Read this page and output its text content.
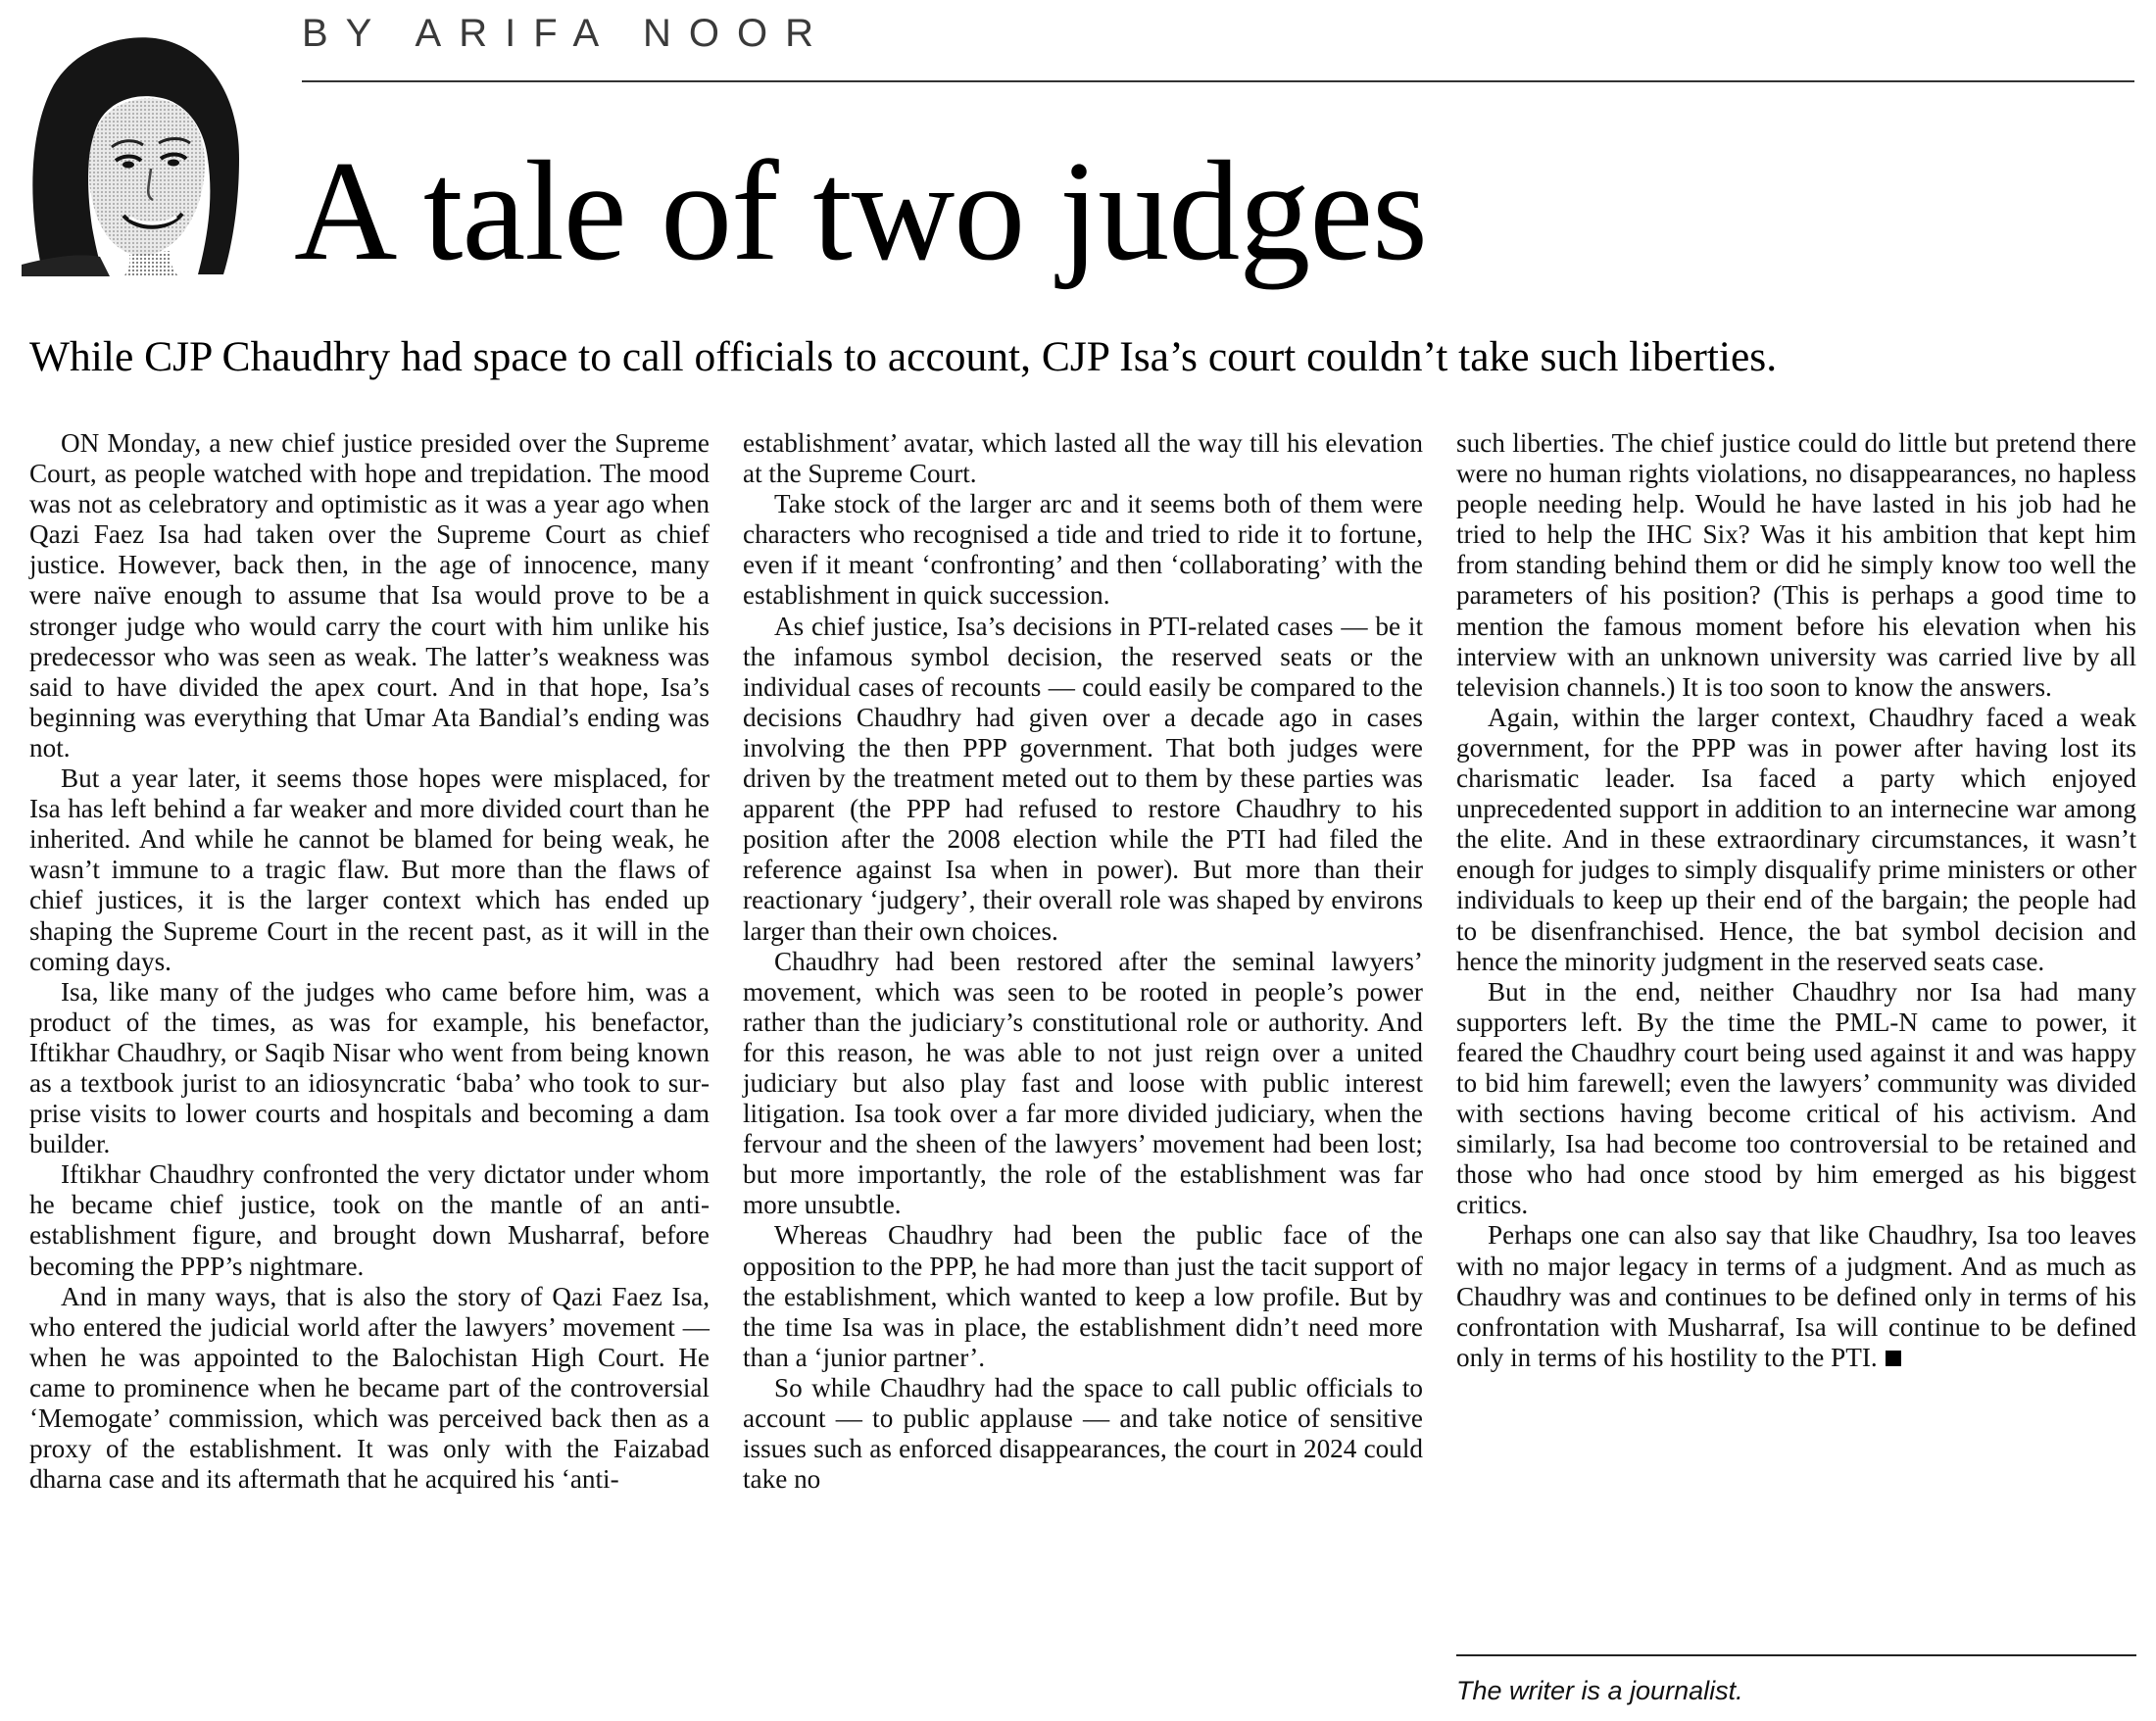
BY ARIFA NOOR
A tale of two judges
While CJP Chaudhry had space to call officials to account, CJP Isa’s court couldn’t take such liberties.

ON Monday, a new chief justice presided over the Supreme Court, as people watched with hope and trepidation. The mood was not as celebratory and optimistic as it was a year ago when Qazi Faez Isa had taken over the Supreme Court as chief justice. However, back then, in the age of innocence, many were naïve enough to assume that Isa would prove to be a stronger judge who would carry the court with him unlike his predecessor who was seen as weak. The latter’s weakness was said to have divided the apex court. And in that hope, Isa’s beginning was everything that Umar Ata Bandial’s ending was not.

But a year later, it seems those hopes were misplaced, for Isa has left behind a far weaker and more divided court than he inherited. And while he cannot be blamed for being weak, he wasn’t immune to a tragic flaw. But more than the flaws of chief justices, it is the larger context which has ended up shaping the Supreme Court in the recent past, as it will in the coming days.

Isa, like many of the judges who came before him, was a product of the times, as was for example, his benefactor, Iftikhar Chaudhry, or Saqib Nisar who went from being known as a textbook jurist to an idiosyncratic ‘baba’ who took to surprise visits to lower courts and hospitals and becoming a dam builder.

Iftikhar Chaudhry confronted the very dictator under whom he became chief justice, took on the mantle of an anti-establishment figure, and brought down Musharraf, before becoming the PPP’s nightmare.

And in many ways, that is also the story of Qazi Faez Isa, who entered the judicial world after the lawyers’ movement — when he was appointed to the Balochistan High Court. He came to prominence when he became part of the controversial ‘Memogate’ commission, which was perceived back then as a proxy of the establishment. It was only with the Faizabad dharna case and its aftermath that he acquired his ‘anti-

establishment’ avatar, which lasted all the way till his elevation at the Supreme Court.

Take stock of the larger arc and it seems both of them were characters who recognised a tide and tried to ride it to fortune, even if it meant ‘confronting’ and then ‘collaborating’ with the establishment in quick succession.

As chief justice, Isa’s decisions in PTI-related cases — be it the infamous symbol decision, the reserved seats or the individual cases of recounts — could easily be compared to the decisions Chaudhry had given over a decade ago in cases involving the then PPP government. That both judges were driven by the treatment meted out to them by these parties was apparent (the PPP had refused to restore Chaudhry to his position after the 2008 election while the PTI had filed the reference against Isa when in power). But more than their reactionary ‘judgery’, their overall role was shaped by environs larger than their own choices.

Chaudhry had been restored after the seminal lawyers’ movement, which was seen to be rooted in people’s power rather than the judiciary’s constitutional role or authority. And for this reason, he was able to not just reign over a united judiciary but also play fast and loose with public interest litigation. Isa took over a far more divided judiciary, when the fervour and the sheen of the lawyers’ movement had been lost; but more importantly, the role of the establishment was far more unsubtle.

Whereas Chaudhry had been the public face of the opposition to the PPP, he had more than just the tacit support of the establishment, which wanted to keep a low profile. But by the time Isa was in place, the establishment didn’t need more than a ‘junior partner’.

So while Chaudhry had the space to call public officials to account — to public applause — and take notice of sensitive issues such as enforced disappearances, the court in 2024 could take no

such liberties. The chief justice could do little but pretend there were no human rights violations, no disappearances, no hapless people needing help. Would he have lasted in his job had he tried to help the IHC Six? Was it his ambition that kept him from standing behind them or did he simply know too well the parameters of his position? (This is perhaps a good time to mention the famous moment before his elevation when his interview with an unknown university was carried live by all television channels.) It is too soon to know the answers.

Again, within the larger context, Chaudhry faced a weak government, for the PPP was in power after having lost its charismatic leader. Isa faced a party which enjoyed unprecedented support in addition to an internecine war among the elite. And in these extraordinary circumstances, it wasn’t enough for judges to simply disqualify prime ministers or other individuals to keep up their end of the bargain; the people had to be disenfranchised. Hence, the bat symbol decision and hence the minority judgment in the reserved seats case.

But in the end, neither Chaudhry nor Isa had many supporters left. By the time the PML-N came to power, it feared the Chaudhry court being used against it and was happy to bid him farewell; even the lawyers’ community was divided with sections having become critical of his activism. And similarly, Isa had become too controversial to be retained and those who had once stood by him emerged as his biggest critics.

Perhaps one can also say that like Chaudhry, Isa too leaves with no major legacy in terms of a judgment. And as much as Chaudhry was and continues to be defined only in terms of his confrontation with Musharraf, Isa will continue to be defined only in terms of his hostility to the PTI.

The writer is a journalist.
